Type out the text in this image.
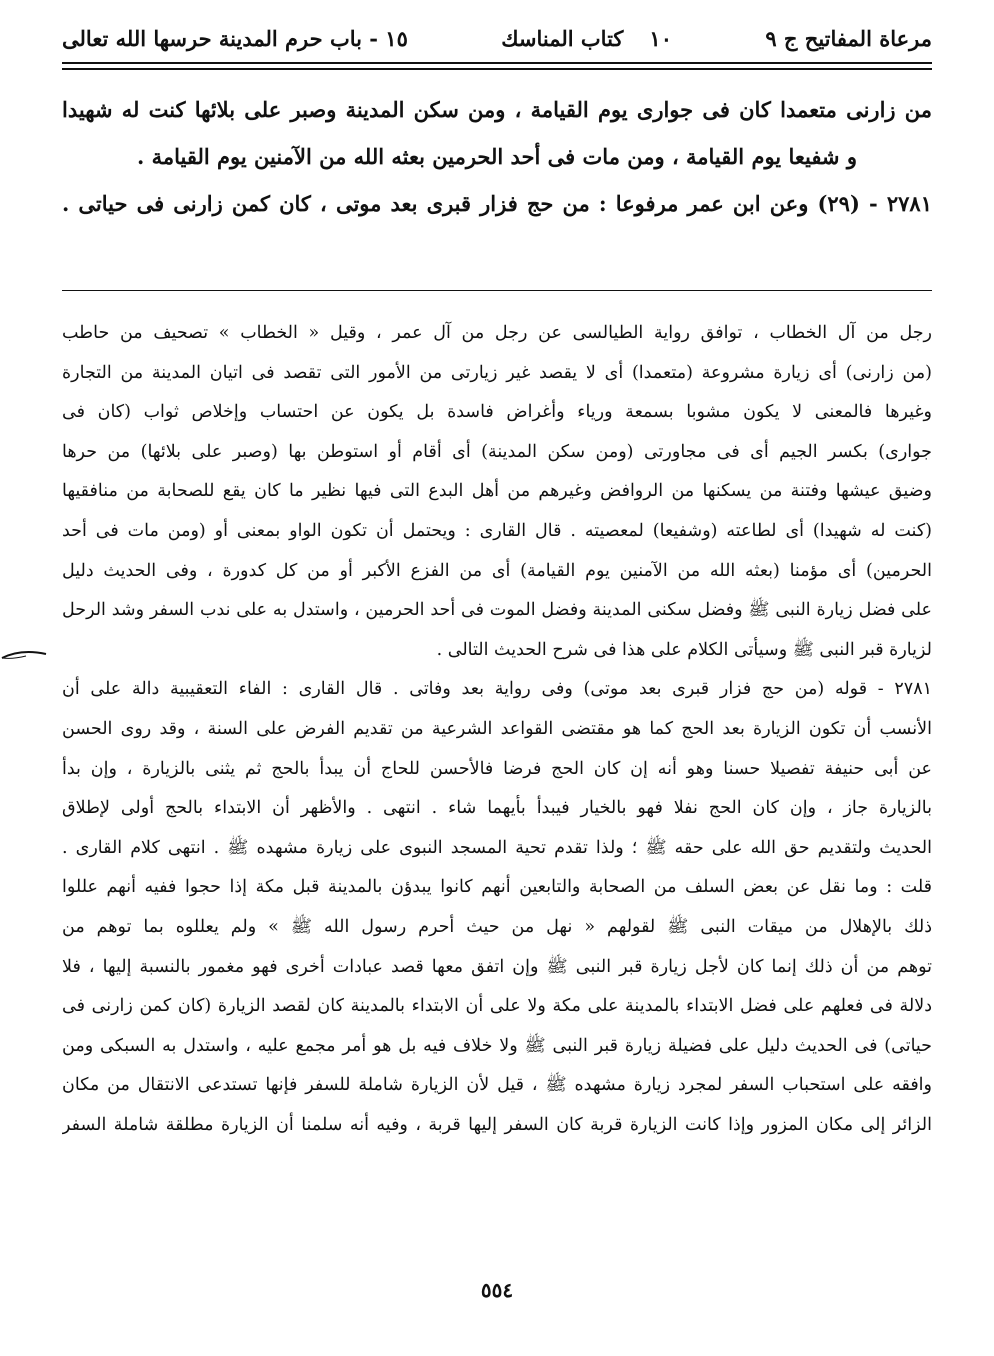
مرعاة المفاتيح ج ٩
١٠
كتاب المناسك
١٥ - باب حرم المدينة حرسها الله تعالى
من زارنى متعمدا كان فى جوارى يوم القيامة ، ومن سكن المدينة وصبر على بلائها كنت له شهيدا
و شفيعا يوم القيامة ، ومن مات فى أحد الحرمين بعثه الله من الآمنين يوم القيامة .
٢٧٨١ - (٢٩) وعن ابن عمر مرفوعا : من حج فزار قبرى بعد موتى ، كان كمن زارنى فى حياتى .
رجل من آل الخطاب ، توافق رواية الطيالسى عن رجل من آل عمر ، وقيل « الخطاب » تصحيف من حاطب
(من زارنى) أى زيارة مشروعة (متعمدا) أى لا يقصد غير زيارتى من الأمور التى تقصد فى اتيان المدينة من التجارة
وغيرها فالمعنى لا يكون مشوبا بسمعة ورياء وأغراض فاسدة بل يكون عن احتساب وإخلاص ثواب (كان فى
جوارى) بكسر الجيم أى فى مجاورتى (ومن سكن المدينة) أى أقام أو استوطن بها (وصبر على بلائها) من حرها
وضيق عيشها وفتنة من يسكنها من الروافض وغيرهم من أهل البدع التى فيها نظير ما كان يقع للصحابة من منافقيها
(كنت له شهيدا) أى لطاعته (وشفيعا) لمعصيته . قال القارى : ويحتمل أن تكون الواو بمعنى أو (ومن مات فى أحد
الحرمين) أى مؤمنا (بعثه الله من الآمنين يوم القيامة) أى من الفزع الأكبر أو من كل كدورة ، وفى الحديث دليل
على فضل زيارة النبى ﷺ وفضل سكنى المدينة وفضل الموت فى أحد الحرمين ، واستدل به على ندب السفر وشد الرحل
لزيارة قبر النبى ﷺ وسيأتى الكلام على هذا فى شرح الحديث التالى .
٢٧٨١ - قوله (من حج فزار قبرى بعد موتى) وفى رواية بعد وفاتى . قال القارى : الفاء التعقيبية دالة على أن
الأنسب أن تكون الزيارة بعد الحج كما هو مقتضى القواعد الشرعية من تقديم الفرض على السنة ، وقد روى الحسن
عن أبى حنيفة تفصيلا حسنا وهو أنه إن كان الحج فرضا فالأحسن للحاج أن يبدأ بالحج ثم يثنى بالزيارة ، وإن بدأ
بالزيارة جاز ، وإن كان الحج نفلا فهو بالخيار فيبدأ بأيهما شاء . انتهى . والأظهر أن الابتداء بالحج أولى لإطلاق
الحديث ولتقديم حق الله على حقه ﷺ ؛ ولذا تقدم تحية المسجد النبوى على زيارة مشهده ﷺ . انتهى كلام القارى .
قلت : وما نقل عن بعض السلف من الصحابة والتابعين أنهم كانوا يبدؤن بالمدينة قبل مكة إذا حجوا ففيه أنهم عللوا
ذلك بالإهلال من ميقات النبى ﷺ لقولهم « نهل من حيث أحرم رسول الله ﷺ » ولم يعللوه بما توهم من
توهم من أن ذلك إنما كان لأجل زيارة قبر النبى ﷺ وإن اتفق معها قصد عبادات أخرى فهو مغمور بالنسبة إليها ، فلا
دلالة فى فعلهم على فضل الابتداء بالمدينة على مكة ولا على أن الابتداء بالمدينة كان لقصد الزيارة (كان كمن زارنى فى
حياتى) فى الحديث دليل على فضيلة زيارة قبر النبى ﷺ ولا خلاف فيه بل هو أمر مجمع عليه ، واستدل به السبكى ومن
وافقه على استحباب السفر لمجرد زيارة مشهده ﷺ ، قيل لأن الزيارة شاملة للسفر فإنها تستدعى الانتقال من مكان
الزائر إلى مكان المزور وإذا كانت الزيارة قربة كان السفر إليها قربة ، وفيه أنه سلمنا أن الزيارة مطلقة شاملة السفر
٥٥٤
